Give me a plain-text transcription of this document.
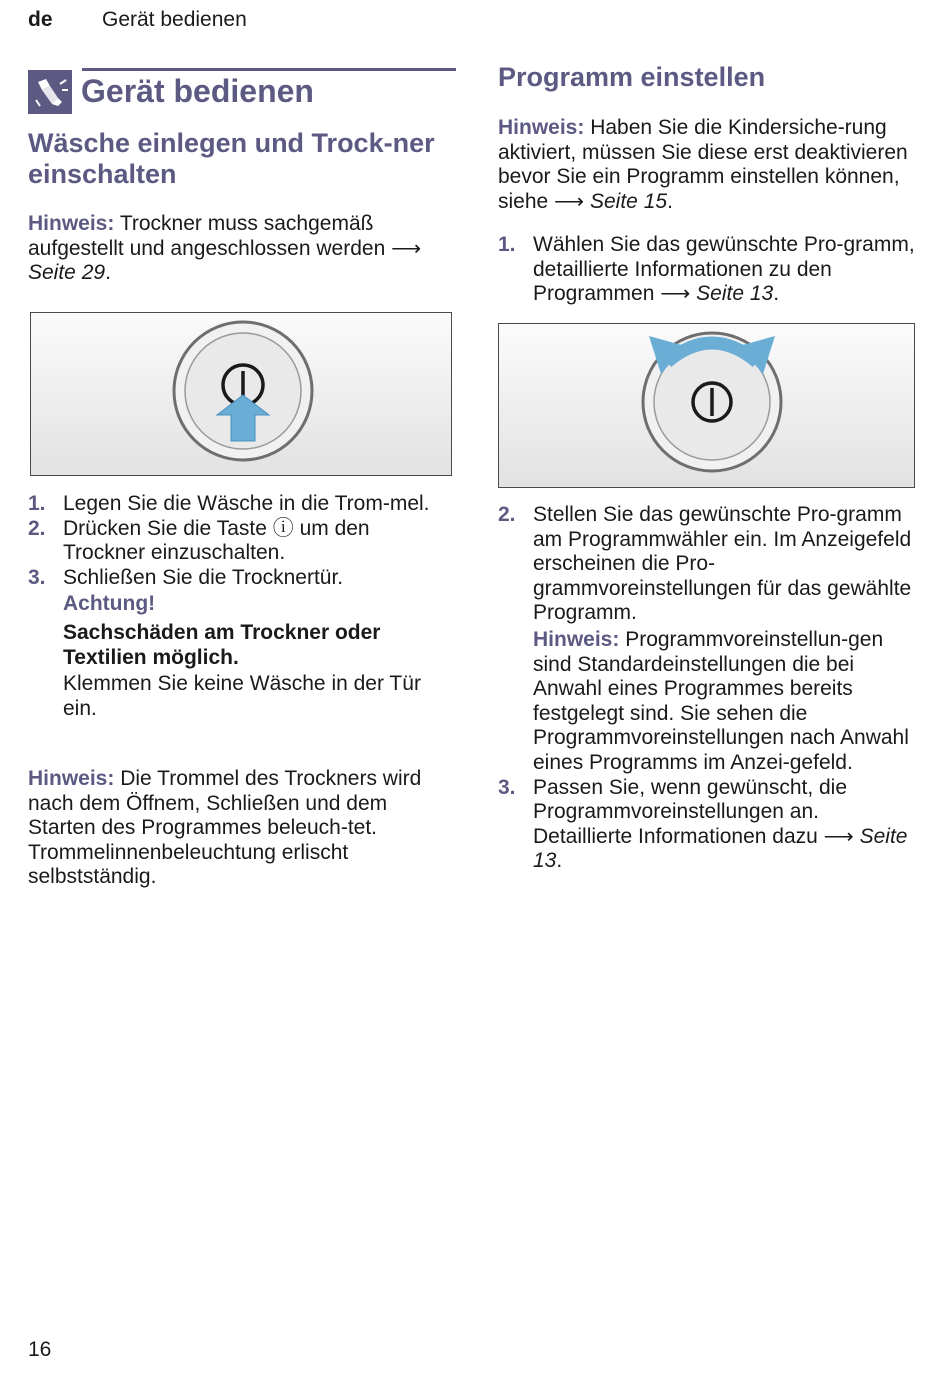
de Gerät bedienen
Gerät bedienen
Wäsche einlegen und Trock-ner einschalten
Hinweis: Trockner muss sachgemäß aufgestellt und angeschlossen werden ⟶ Seite 29.
1. Legen Sie die Wäsche in die Trom-mel.
2. Drücken Sie die Taste ⓘ um den Trockner einzuschalten.
3. Schließen Sie die Trocknertür.
Achtung!
Sachschäden am Trockner oder Textilien möglich.
Klemmen Sie keine Wäsche in der Tür ein.
Hinweis: Die Trommel des Trockners wird nach dem Öffnem, Schließen und dem Starten des Programmes beleuch-tet. Trommelinnenbeleuchtung erlischt selbstständig.
Programm einstellen
Hinweis: Haben Sie die Kindersiche-rung aktiviert, müssen Sie diese erst deaktivieren bevor Sie ein Programm einstellen können, siehe ⟶ Seite 15.
1. Wählen Sie das gewünschte Pro-gramm, detaillierte Informationen zu den Programmen ⟶ Seite 13.
2. Stellen Sie das gewünschte Pro-gramm am Programmwähler ein. Im Anzeigefeld erscheinen die Pro-grammvoreinstellungen für das gewählte Programm.
Hinweis: Programmvoreinstellun-gen sind Standardeinstellungen die bei Anwahl eines Programmes bereits festgelegt sind. Sie sehen die Programmvoreinstellungen nach Anwahl eines Programms im Anzei-gefeld.
3. Passen Sie, wenn gewünscht, die Programmvoreinstellungen an. Detaillierte Informationen dazu ⟶ Seite 13.
16
